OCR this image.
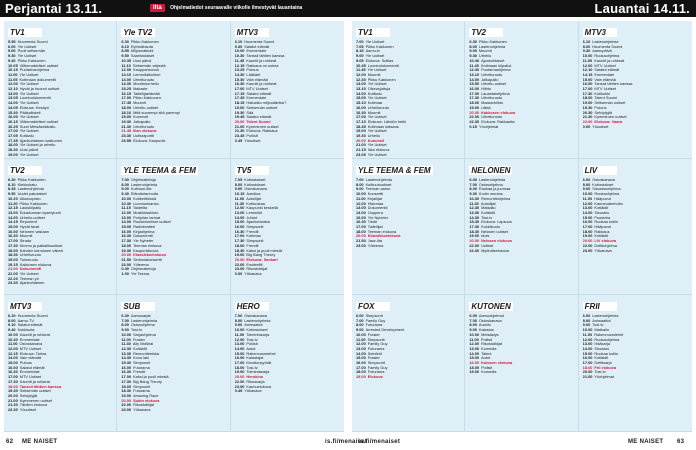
Perjantai 13.11.	Ilta Ohjelmatiedot seuraavalle viikolle ilmestyvät lauantaina	Lauantai 14.11.
TV1
5.55 Huomenta Suomi
6.00 Yle Uutiset
9.00 Puoli seitsemän
9.30 Yle Uutiset
9.40 Pikku Kakkonen
10.05 Viittomakieliset uutiset
10.15 Puutarhaohjelma
11.00 Yle Uutiset
11.05 Kotimaan dokumentti
12.00 Yle Uutiset
12.10 Hyvät ja huonot uutiset
13.00 Yle Uutiset
13.05 Luontodokumentti
14.00 Yle Uutiset
14.05 Elokuva: Kesäyö
15.40 Pääkallokeli
16.00 Yle Uutiset
16.15 Viittomakieliset uutiset
16.25 Suuri Metsäseikkailu
17.00 Yle Uutiset
17.05 Kotikatu
17.35 Ajankohtainen kakkonen
18.00 Yle Uutiset ja urheilu
18.30 Uusi päivä
19.00 Yle Uutiset
Yle TV2
6.30 Pikku Kakkonen
8.10 Ryhmähauta
8.55 Miljoonaklubi
9.50 Saaristolaiset
10.35 Uusi päivä
11.10 Seitsemän veljestä
12.00 Kauppaneuvos
13.10 Lemmikkitohtori
14.00 Urheiluruutu
14.30 Moottoriurheilu
15.25 Iltakaste
16.15 Taiteilijaelämää
17.00 Pikku Kakkonen
17.45 Muumit
18.00 Urheilu-uutiset
18.10 Mitä suurempi sitä parempi
19.00 Kummeli
19.30 Jalkapallo
21.30 Urheiluruutu
21.45 Illan elokuva
23.30 Uutisraportti
23.55 Elokuva: Kaupunki
MTV3
6.10 Huomenta Suomi
9.30 Salatut elämät
10.00 Emmerdale
10.30 Tanssii tähtien kanssa
11.45 Kauniit ja rohkeat
12.15 Rakkaus on sokea
13.25 Putous
14.30 Lääkärit
15.30 Vain elämää
16.30 Kauniit ja rohkeat
17.00 MTV Uutiset
17.15 Salatut elämät
17.45 Emmerdale
18.15 Haluatko miljonääriksi?
19.00 Seitsemän uutiset
19.30 Sää
19.45 Salatut elämät
20.00 Talent Suomi
21.00 Kymmenen uutiset
21.30 Elokuva: Rakkaus
23.45 Poliisit
0.45 Yöuutiset
TV2
6.30 Pikku Kakkonen
8.10 Kiekkokatu
8.45 Lastenohjelmia
9.50 Uudet pakolaiset
10.20 Aikuisopisto
11.20 Pikku Kakkonen
12.15 Laulukilpailu
13.00 Eduskunnan kyselytunti
14.00 Urheilu-uutiset
14.15 Reporterit
15.00 Hyvät tavat
16.00 Nelonen vastaan
16.30 Muumit
17.00 Strada
17.30 Kimmo ja paikallisuutiset
18.00 Kahden kerroksen väkeä
18.30 Urheiluruutu
19.00 Tulosruutu
19.15 Kakkosen elokuva
21.00 Dokumentti
22.00 Yle Uutiset
22.20 Teeman yö
23.30 Ajankohtainen
YLE TEEMA & FEM
7.00 Ohjelmatietoja
8.00 Lastenohjelmia
9.00 Kulttuuri-ilta
9.40 Elämäntarinoita
10.00 Kotikeittiössä
10.30 Luonnonkansa
11.15 Taideilta
12.00 Musiikkiarkisto
13.00 Pohjolan tarinat
14.00 Ruotsinkieliset uutiset
15.05 Radioteatteri
16.00 Kirjaohjelma
16.30 Dokumentti
17.30 Yle Nyheter
18.00 Teeman elokuva
19.30 Kaupunkikuvia
20.00 Klassikkoelokuva
21.50 Sinfoniakonsertti
23.00 Yöteema
0.30 Ohjelmatietoja
1.00 Yle Teema
TV5
7.05 Kotiostokset
8.00 Kotiostokset
9.00 Ostoskanava
10.15 Autoilua
11.00 Autoilijat
11.30 Kotiruokaa
12.00 Kaupunki keskellä
13.00 Lemmikit
14.00 Juhlat
15.00 Ajankohtaista
16.00 Simpsonit
16.30 Frendit
17.00 Kotimaa
17.30 Simpsonit
18.00 Frendit
18.30 Kaksi ja puoli miestä
19.00 Big Bang Theory
20.00 Elokuva: Sankari
22.00 Ensitreffit
23.00 Rikostutkijat
0.00 Yökanava
MTV3
6.10 Huomenta Suomi
8.00 Aamu-TV
9.10 Salatut elämät
9.40 Kokkisota
10.00 Kauniit ja rohkeat
10.30 Emmerdale
11.00 Ostoskanava
12.00 MTV Uutiset
12.15 Elokuva: Tarina
14.00 Vain elämää
15.00 Putous
16.00 Salatut elämät
16.30 Emmerdale
17.00 MTV Uutiset
17.30 Kauniit ja rohkeat
18.00 Tanssii tähtien kanssa
19.30 Seitsemän uutiset
20.00 Selviytyjät
21.00 Kymmenen uutiset
21.30 Tähtien elokuva
23.30 Yöuutiset
SUB
6.30 Aamusarjat
7.00 Lastenohjelmia
8.00 Ostosohjelma
9.00 Tosi-tv
10.00 Sarjaohjelma
11.00 Frasier
11.30 Ally McBeal
12.30 Kotiäidit
13.30 Remonttireiska
14.30 Kova laki
15.30 Simpsonit
16.00 Futurama
16.30 Frendit
17.00 Kaksi ja puoli miestä
17.30 Big Bang Theory
18.00 Simpsonit
18.30 Futurama
19.00 Amazing Race
20.00 Subin elokuva
22.00 Rikostutkijat
23.00 Yökanava
HERO
7.00 Ostoskanava
8.00 Lastenohjelmia
9.00 Animaatiot
10.00 Kotiostokset
11.00 Toimintasarja
12.00 Tosi-tv
13.00 Poliisit
14.00 Autot
15.00 Rakennusmiehet
16.00 Kalastajat
17.00 Moottoripyörät
18.00 Tosi-tv
19.00 Toimintasarja
20.00 Herokino
22.00 Rikossarja
23.00 Kauhuelokuva
0.45 Yökanava
TV1
7.00 Yle Uutiset
7.05 Pikku Kakkonen
8.15 Aamu-tv
9.00 Yle Uutiset
9.05 Elokuva: Sotilas
10.45 Luontodokumentti
11.45 Yle Uutiset
12.00 Muumit
12.30 Pikku Kakkonen
13.00 Yle Uutiset
13.10 Oikeusjuttuja
14.00 Kotikatu
15.00 Yle Uutiset
15.10 Kotimaa
16.00 Urheiluruutu
16.30 Muumit
17.00 Yle Uutiset
17.10 Elokuva: Lähdön hetki
18.45 Kotimaan katsaus
19.00 Yle Uutiset
19.30 Urheilu
20.00 Kummeli
21.00 Yle Uutiset
21.15 Illan elokuva
23.05 Yle Uutiset
TV2
6.30 Pikku Kakkonen
8.00 Lastenohjelmia
9.00 Muumit
9.30 Urheilu
10.40 Ajankohtaiset
11.45 Kotimaan kilpailut
12.30 Puutarhaohjelma
13.10 Urheiluruutu
14.00 Jalkapallo
15.50 Urheilu-uutiset
16.00 Hiihto
17.00 Lauantaiohjelma
17.30 Urheiluruutu
18.00 Maastohiihto
19.00 Lätkä
20.00 Kakkosen elokuva
22.00 Urheiluruutu
22.30 Elokuva: Rakkautta
0.15 Yöohjelmat
MTV3
6.10 Lastenohjelmia
8.00 Huomenta Suomi
9.30 Aamupäivä
10.00 Ruokaohjelma
11.00 Kauniit ja rohkeat
12.00 MTV Uutiset
12.10 Salatut elämät
14.15 Emmerdale
15.00 Vain elämää
16.00 Tanssii tähtien kanssa
17.00 MTV Uutiset
17.30 Kotikokki
18.00 Talent Suomi
19.00 Seitsemän uutiset
19.30 Putous
20.30 Selviytyjät
21.30 Kymmenen uutiset
22.00 Elokuva: Vaara
0.00 Yöuutiset
YLE TEEMA & FEM
7.00 Lastenohjelmia
8.00 Kulttuuriuutiset
9.00 Teeman aamu
10.00 Konsertti
11.00 Kirjailijat
12.00 Historiaa
13.00 Dokumentti
14.00 Ooppera
16.00 Yle Nyheter
16.30 Tiede
17.00 Taiteilijat
18.00 Teeman elokuva
20.00 Klassikkoelokuva
21.50 Jazz-ilta
23.00 Yöteema
NELONEN
6.00 Lastenohjelmia
7.00 Ostosohjelma
8.30 Ruokaa ja juomaa
9.30 Kodin muutos
10.30 Remonttiohjelma
11.30 Autoilijat
12.30 Matkailu
13.30 Kotiäidit
14.30 Tosi-tv
15.30 Elokuva: Lapsuus
17.30 Kokkikoulu
18.30 Nelosen uutiset
19.00 Idols
20.00 Nelosen elokuva
22.00 Uutiset
22.30 Myöhäiselokuva
LIV
6.00 Ostoskanava
8.00 Kotiostokset
9.00 Sisustusohjelma
10.00 Ruokaohjelma
11.00 Hääpuvut
12.00 Kauneudenhoito
13.00 Kotiäidit
14.00 Sisustus
15.00 Puutarha
16.00 Ruokaa kotiin
17.00 Hääpuvut
18.00 Rakkaus
19.00 Kotiäidit
20.00 LIV elokuva
22.00 Deittiohjelma
23.00 Yökanava
FOX
6.00 Simpsonit
7.00 Family Guy
8.00 Futurama
9.00 Arrested Development
10.00 Frasier
11.00 Simpsonit
12.00 Family Guy
13.00 Futurama
14.00 Seinfeld
15.00 Frasier
16.00 Simpsonit
17.00 Family Guy
18.00 Futurama
19.00 Elokuva
KUTONEN
6.00 Aamuohjelmat
7.00 Ostoskanava
8.00 Autoilu
9.00 Kalastus
10.00 Metsästys
11.00 Poliisit
12.00 Rikostutkijat
13.00 Komedia
14.00 Talent
15.00 Autot
16.00 Kutosen elokuva
18.00 Poliisit
19.00 Komedia
FRII
6.00 Lastenohjelmia
8.00 Animaatiot
9.00 Tosi-tv
10.00 Matkailu
11.00 Rakennusmiehet
12.00 Ruokaohjelma
13.00 Hääsarja
14.00 Sisustus
15.00 Ruokaa kotiin
16.00 Kotiäidit
17.00 Deittisarja
18.00 Frii elokuva
20.00 Tosi-tv
21.00 Yöohjelmat
62 ME NAISET	is.fi/menaiset
is.fi/menaiset	ME NAISET 63
